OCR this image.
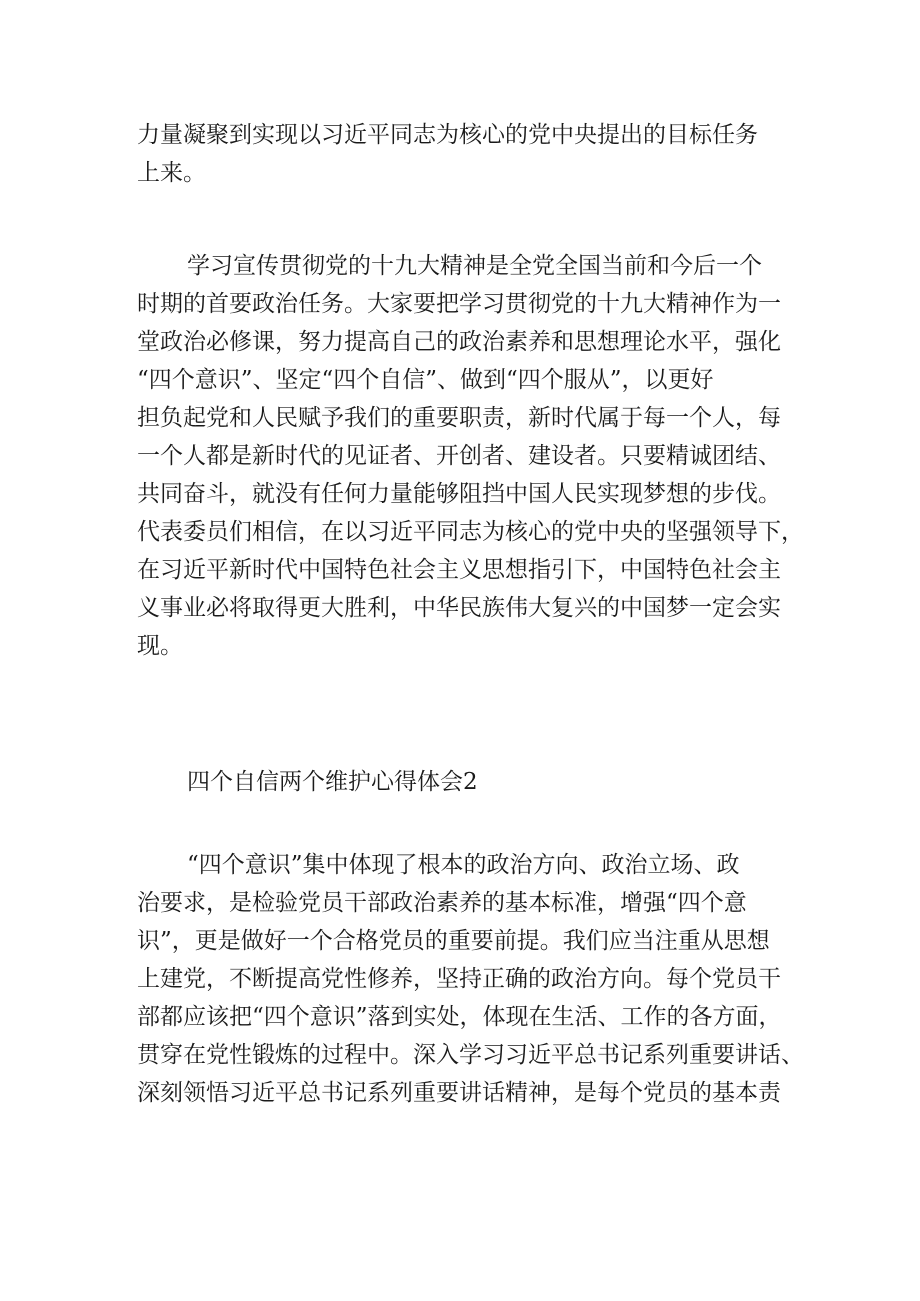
力量凝聚到实现以习近平同志为核心的党中央提出的目标任务
上来。
学习宣传贯彻党的十九大精神是全党全国当前和今后一个
时期的首要政治任务。大家要把学习贯彻党的十九大精神作为一
堂政治必修课，努力提高自己的政治素养和思想理论水平，强化
“四个意识”、坚定“四个自信”、做到“四个服从”，以更好
担负起党和人民赋予我们的重要职责，新时代属于每一个人，每
一个人都是新时代的见证者、开创者、建设者。只要精诚团结、
共同奋斗，就没有任何力量能够阻挡中国人民实现梦想的步伐。
代表委员们相信，在以习近平同志为核心的党中央的坚强领导下，
在习近平新时代中国特色社会主义思想指引下，中国特色社会主
义事业必将取得更大胜利，中华民族伟大复兴的中国梦一定会实
现。
四个自信两个维护心得体会2
“四个意识”集中体现了根本的政治方向、政治立场、政
治要求，是检验党员干部政治素养的基本标准，增强“四个意
识”，更是做好一个合格党员的重要前提。我们应当注重从思想
上建党，不断提高党性修养，坚持正确的政治方向。每个党员干
部都应该把“四个意识”落到实处，体现在生活、工作的各方面，
贯穿在党性锻炼的过程中。深入学习习近平总书记系列重要讲话、
深刻领悟习近平总书记系列重要讲话精神，是每个党员的基本责
